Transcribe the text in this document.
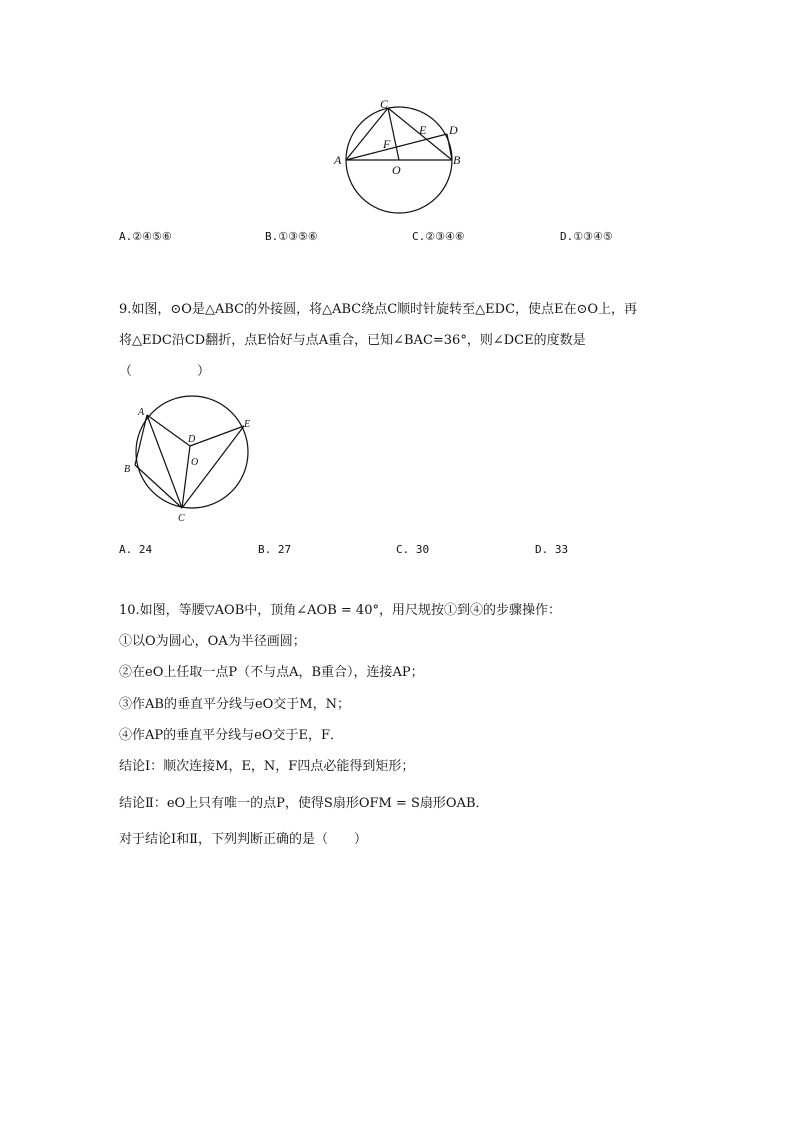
C
E D
F
A
O
B
A.②④⑤⑥	B.①③⑤⑥	C.②③④⑥	D.①③④⑤
9.如图，⊙O是△ABC的外接圆，将△ABC绕点C顺时针旋转至△EDC，使点E在⊙O上，再
将△EDC沿CD翻折，点E恰好与点A重合，已知∠BAC=36°，则∠DCE的度数是
（　　　　　）
A
E
D
O
B
C
A. 24	B. 27	C. 30	D. 33
10.如图，等腰▽AOB中，顶角∠AOB = 40°，用尺规按①到④的步骤操作：
①以O为圆心，OA为半径画圆；
②在eO上任取一点P（不与点A，B重合），连接AP；
③作AB的垂直平分线与eO交于M，N；
④作AP的垂直平分线与eO交于E，F．
结论Ⅰ：顺次连接M，E，N，F四点必能得到矩形；
结论Ⅱ：eO上只有唯一的点P，使得S扇形OFM = S扇形OAB．
对于结论Ⅰ和Ⅱ，下列判断正确的是（　　）
